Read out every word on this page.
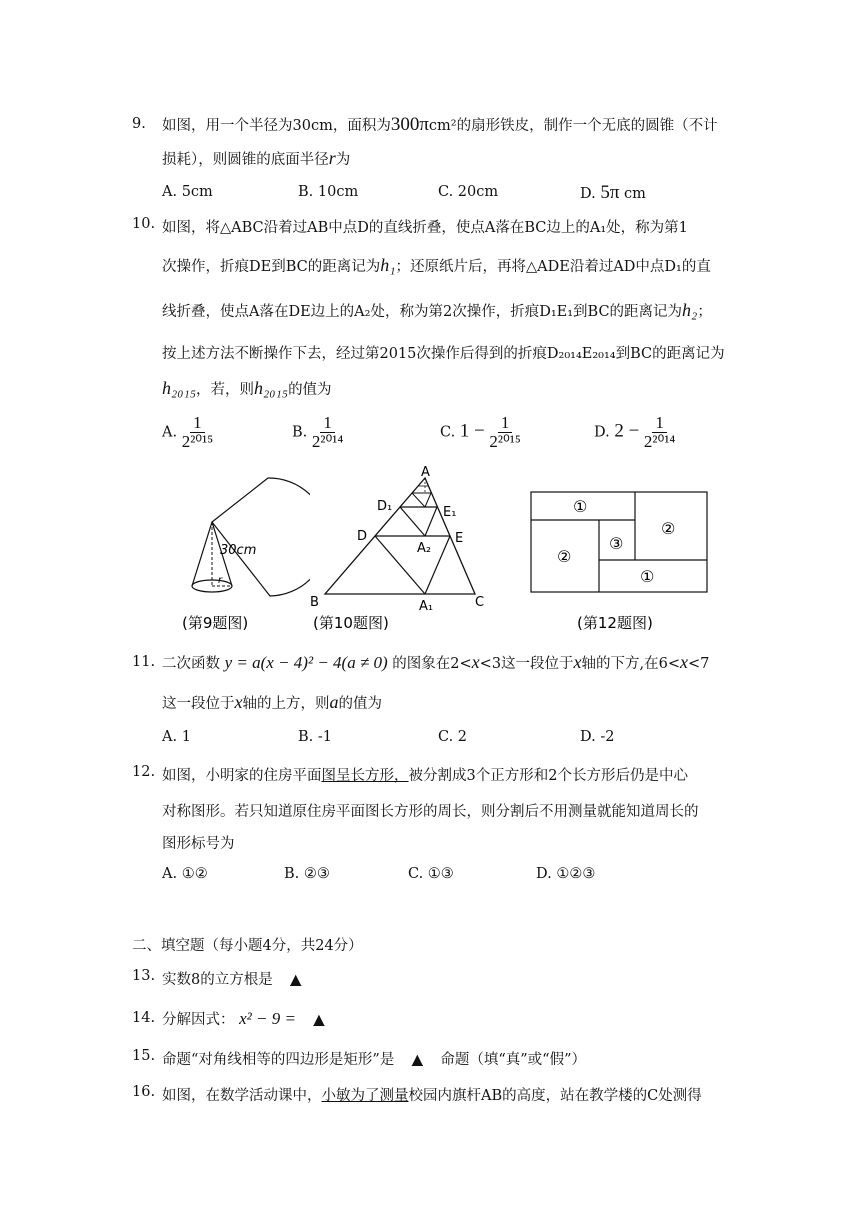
9. 如图，用一个半径为30cm，面积为300πcm²的扇形铁皮，制作一个无底的圆锥（不计
损耗），则圆锥的底面半径r为
A. 5cm	B. 10cm	C. 20cm	D. 5π cm
10. 如图，将△ABC沿着过AB中点D的直线折叠，使点A落在BC边上的A₁处，称为第1
次操作，折痕DE到BC的距离记为h₁；还原纸片后，再将△ADE沿着过AD中点D₁的直
线折叠，使点A落在DE边上的A₂处，称为第2次操作，折痕D₁E₁到BC的距离记为h₂；
按上述方法不断操作下去，经过第2015次操作后得到的折痕D₂₀₁₄E₂₀₁₄到BC的距离记为
h₂₀₁₅，若，则h₂₀₁₅的值为
A. $\frac{1}{\text{2²⁰¹⁵}}$	B. $\frac{1}{\text{2²⁰¹⁴}}$	C. $1 - \frac{1}{\text{2²⁰¹⁵}}$	D. $2 - \frac{1}{\text{2²⁰¹⁴}}$
30cm
r
(第9题图)
A
D₁	E₁
D
A₂
E
B	A₁	C
(第10题图)
①
②
③
②
①
(第12题图)
11. 二次函数 y = a(x − 4)² − 4(a ≠ 0) 的图象在2<x<3这一段位于x轴的下方,在6<x<7
这一段位于x轴的上方，则a的值为
A. 1	B. -1	C. 2	D. -2
12. 如图，小明家的住房平面图呈长方形，被分割成3个正方形和2个长方形后仍是中心
对称图形。若只知道原住房平面图长方形的周长，则分割后不用测量就能知道周长的
图形标号为
A. ①②	B. ②③	C. ①③	D. ①②③
二、填空题（每小题4分，共24分）
13. 实数8的立方根是 ▲
14. 分解因式： x² − 9 = ▲
15. 命题“对角线相等的四边形是矩形”是 ▲ 命题（填“真”或“假”）
16. 如图，在数学活动课中，小敏为了测量校园内旗杆AB的高度，站在教学楼的C处测得
